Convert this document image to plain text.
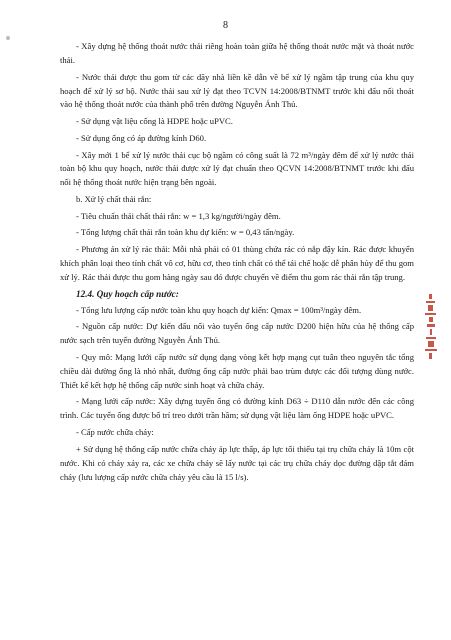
8

- Xây dựng hệ thống thoát nước thải riêng hoàn toàn giữa hệ thống thoát nước mặt và thoát nước thải.

- Nước thải được thu gom từ các dãy nhà liền kề dẫn về bể xử lý ngầm tập trung của khu quy hoạch để xử lý sơ bộ. Nước thải sau xử lý đạt theo TCVN 14:2008/BTNMT trước khi đấu nối thoát vào hệ thống thoát nước của thành phố trên đường Nguyễn Ánh Thủ.

- Sử dụng vật liệu cống là HDPE hoặc uPVC.

- Sử dụng ống có áp đường kính D60.

- Xây mới 1 bể xử lý nước thải cục bộ ngầm có công suất là 72 m³/ngày đêm để xử lý nước thải toàn bộ khu quy hoạch, nước thải được xử lý đạt chuẩn theo QCVN 14:2008/BTNMT trước khi đấu nối hệ thống thoát nước hiện trạng bên ngoài.

b. Xử lý chất thải rắn:

- Tiêu chuẩn thải chất thải rắn: w = 1,3 kg/người/ngày đêm.

- Tổng lượng chất thải rắn toàn khu dự kiến: w = 0,43 tấn/ngày.

- Phương án xử lý rác thải: Mỗi nhà phải có 01 thùng chứa rác có nắp đậy kín. Rác được khuyến khích phân loại theo tính chất vô cơ, hữu cơ, theo tính chất có thể tái chế hoặc dễ phân hủy để thu gom xử lý. Rác thải được thu gom hàng ngày sau đó được chuyển về điểm thu gom rác thải rắn tập trung.

12.4. Quy hoạch cấp nước:

- Tổng lưu lượng cấp nước toàn khu quy hoạch dự kiến: Qmax = 100m³/ngày đêm.

- Nguồn cấp nước: Dự kiến đấu nối vào tuyến ống cấp nước D200 hiện hữu của hệ thống cấp nước sạch trên tuyến đường Nguyễn Ánh Thủ.

- Quy mô: Mạng lưới cấp nước sử dụng dạng vòng kết hợp mạng cụt tuân theo nguyên tắc tổng chiều dài đường ống là nhỏ nhất, đường ống cấp nước phải bao trùm được các đối tượng dùng nước. Thiết kế kết hợp hệ thống cấp nước sinh hoạt và chữa cháy.

- Mạng lưới cấp nước: Xây dựng tuyến ống có đường kính D63 ÷ D110 dẫn nước đến các công trình. Các tuyến ống được bố trí treo dưới trần hầm; sử dụng vật liệu làm ống HDPE hoặc uPVC.

- Cấp nước chữa cháy:

+ Sử dụng hệ thống cấp nước chữa cháy áp lực thấp, áp lực tối thiểu tại trụ chữa cháy là 10m cột nước. Khi có cháy xảy ra, các xe chữa cháy sẽ lấy nước tại các trụ chữa cháy dọc đường dập tắt đám cháy (lưu lượng cấp nước chữa cháy yêu cầu là 15 l/s).
